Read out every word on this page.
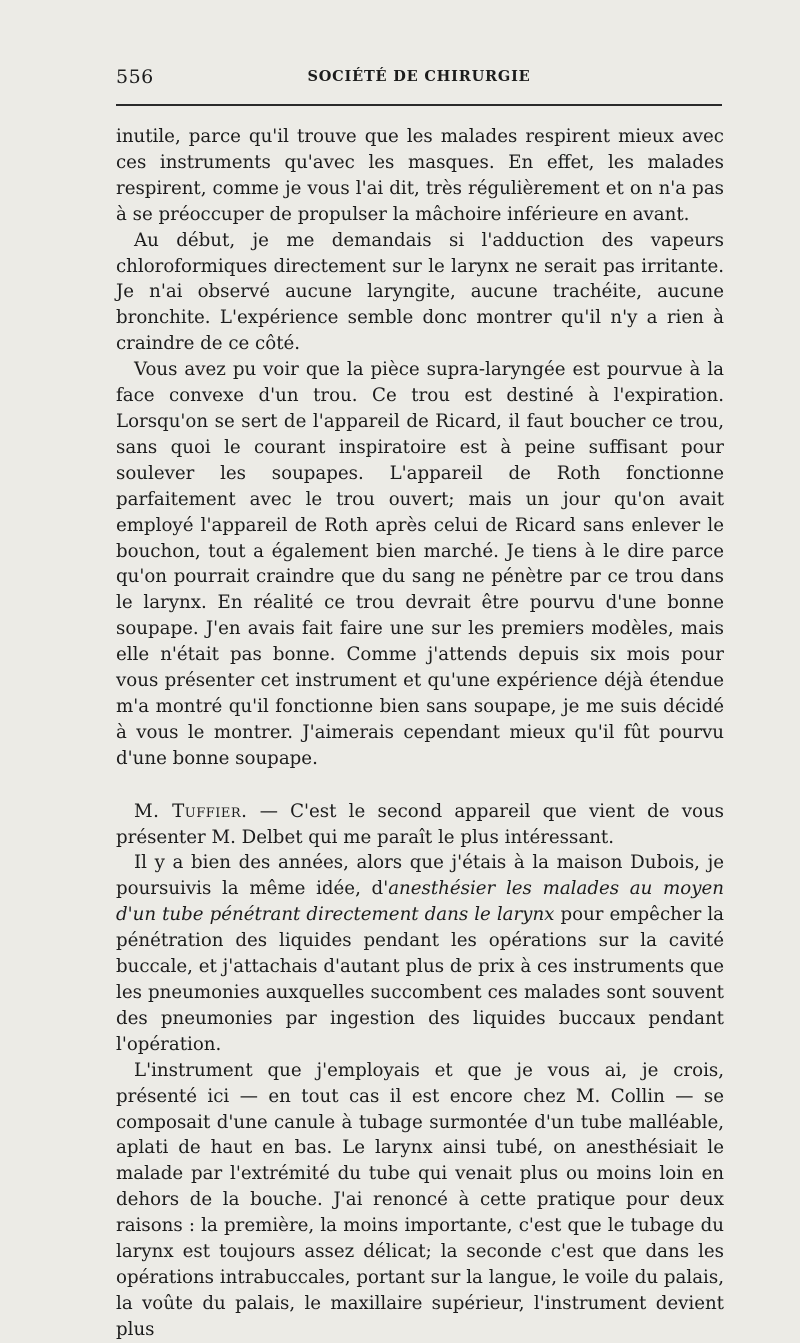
556	SOCIÉTÉ DE CHIRURGIE

inutile, parce qu'il trouve que les malades respirent mieux avec ces instruments qu'avec les masques. En effet, les malades respirent, comme je vous l'ai dit, très régulièrement et on n'a pas à se préoccuper de propulser la mâchoire inférieure en avant.

Au début, je me demandais si l'adduction des vapeurs chloroformiques directement sur le larynx ne serait pas irritante. Je n'ai observé aucune laryngite, aucune trachéite, aucune bronchite. L'expérience semble donc montrer qu'il n'y a rien à craindre de ce côté.

Vous avez pu voir que la pièce supra-laryngée est pourvue à la face convexe d'un trou. Ce trou est destiné à l'expiration. Lorsqu'on se sert de l'appareil de Ricard, il faut boucher ce trou, sans quoi le courant inspiratoire est à peine suffisant pour soulever les soupapes. L'appareil de Roth fonctionne parfaitement avec le trou ouvert; mais un jour qu'on avait employé l'appareil de Roth après celui de Ricard sans enlever le bouchon, tout a également bien marché. Je tiens à le dire parce qu'on pourrait craindre que du sang ne pénètre par ce trou dans le larynx. En réalité ce trou devrait être pourvu d'une bonne soupape. J'en avais fait faire une sur les premiers modèles, mais elle n'était pas bonne. Comme j'attends depuis six mois pour vous présenter cet instrument et qu'une expérience déjà étendue m'a montré qu'il fonctionne bien sans soupape, je me suis décidé à vous le montrer. J'aimerais cependant mieux qu'il fût pourvu d'une bonne soupape.

M. Tuffier. — C'est le second appareil que vient de vous présenter M. Delbet qui me paraît le plus intéressant.

Il y a bien des années, alors que j'étais à la maison Dubois, je poursuivis la même idée, d'anesthésier les malades au moyen d'un tube pénétrant directement dans le larynx pour empêcher la pénétration des liquides pendant les opérations sur la cavité buccale, et j'attachais d'autant plus de prix à ces instruments que les pneumonies auxquelles succombent ces malades sont souvent des pneumonies par ingestion des liquides buccaux pendant l'opération.

L'instrument que j'employais et que je vous ai, je crois, présenté ici — en tout cas il est encore chez M. Collin — se composait d'une canule à tubage surmontée d'un tube malléable, aplati de haut en bas. Le larynx ainsi tubé, on anesthésiait le malade par l'extrémité du tube qui venait plus ou moins loin en dehors de la bouche. J'ai renoncé à cette pratique pour deux raisons : la première, la moins importante, c'est que le tubage du larynx est toujours assez délicat; la seconde c'est que dans les opérations intrabuccales, portant sur la langue, le voile du palais, la voûte du palais, le maxillaire supérieur, l'instrument devient plus
